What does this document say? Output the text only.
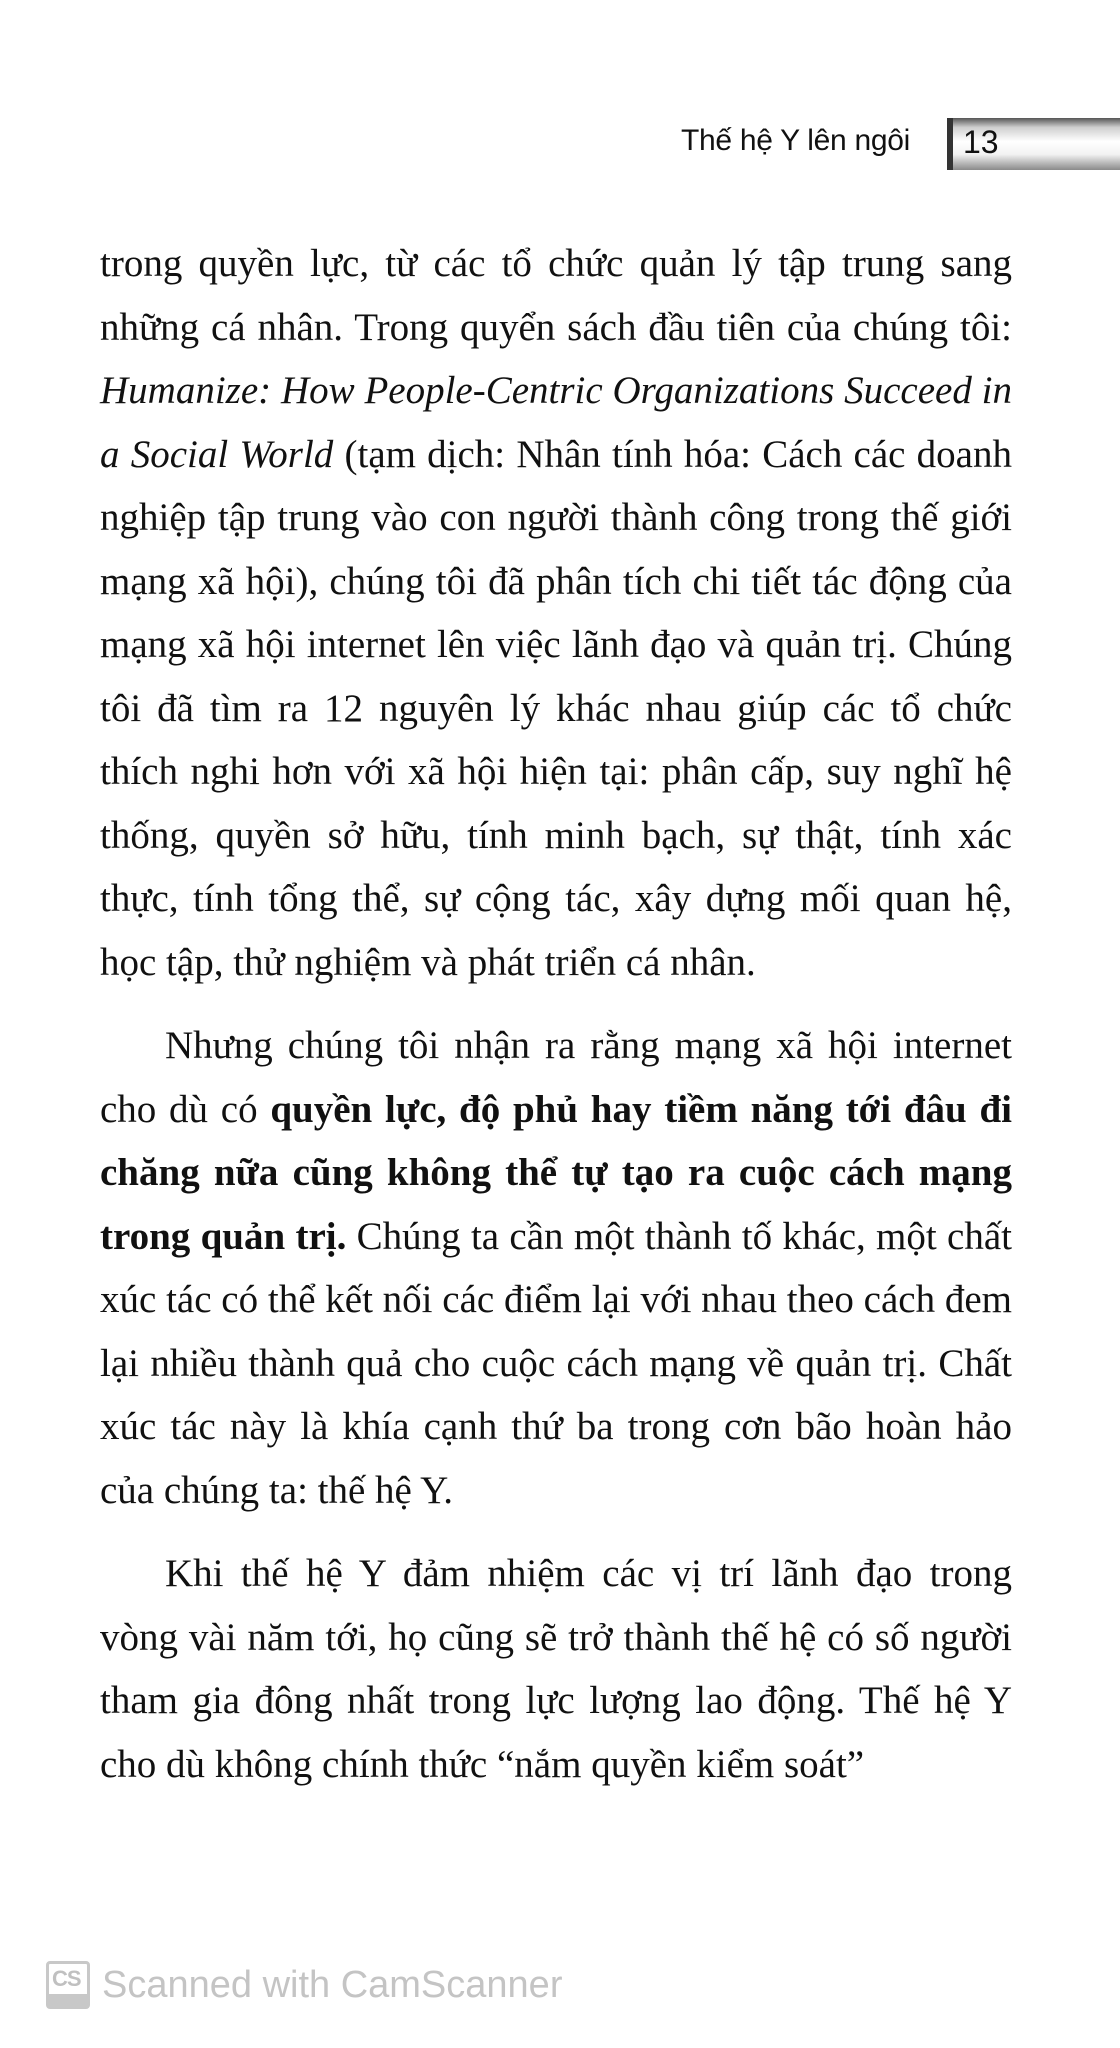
Thế hệ Y lên ngôi 13

trong quyền lực, từ các tổ chức quản lý tập trung sang những cá nhân. Trong quyển sách đầu tiên của chúng tôi: Humanize: How People-Centric Organizations Succeed in a Social World (tạm dịch: Nhân tính hóa: Cách các doanh nghiệp tập trung vào con người thành công trong thế giới mạng xã hội), chúng tôi đã phân tích chi tiết tác động của mạng xã hội internet lên việc lãnh đạo và quản trị. Chúng tôi đã tìm ra 12 nguyên lý khác nhau giúp các tổ chức thích nghi hơn với xã hội hiện tại: phân cấp, suy nghĩ hệ thống, quyền sở hữu, tính minh bạch, sự thật, tính xác thực, tính tổng thể, sự cộng tác, xây dựng mối quan hệ, học tập, thử nghiệm và phát triển cá nhân.

Nhưng chúng tôi nhận ra rằng mạng xã hội internet cho dù có quyền lực, độ phủ hay tiềm năng tới đâu đi chăng nữa cũng không thể tự tạo ra cuộc cách mạng trong quản trị. Chúng ta cần một thành tố khác, một chất xúc tác có thể kết nối các điểm lại với nhau theo cách đem lại nhiều thành quả cho cuộc cách mạng về quản trị. Chất xúc tác này là khía cạnh thứ ba trong cơn bão hoàn hảo của chúng ta: thế hệ Y.

Khi thế hệ Y đảm nhiệm các vị trí lãnh đạo trong vòng vài năm tới, họ cũng sẽ trở thành thế hệ có số người tham gia đông nhất trong lực lượng lao động. Thế hệ Y cho dù không chính thức “nắm quyền kiểm soát”

CS Scanned with CamScanner
